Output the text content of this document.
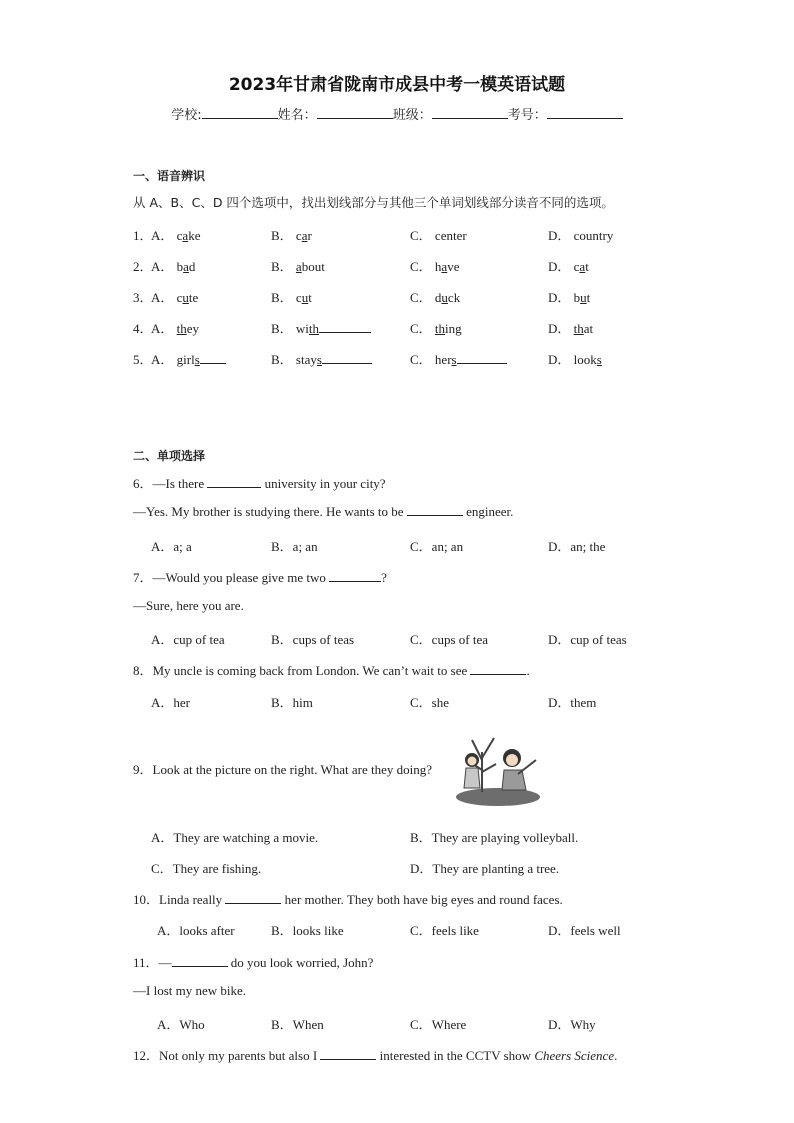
2023年甘肃省陇南市成县中考一模英语试题
学校:	姓名：	班级：	考号：
一、语音辨识
从 A、B、C、D 四个选项中，找出划线部分与其他三个单词划线部分读音不同的选项。
1．
A． cake	B． car	C． center	D． country
2．
A． bad	B． about	C． have	D． cat
3．
A． cute	B． cut	C． duck	D． but
4．
A． they	B． with	C． thing	D． that
5．
A． girls	B． stays	C． hers	D． looks
二、单项选择
6．—Is there	university in your city?
—Yes. My brother is studying there. He wants to be	engineer.
A．a; a	B．a; an	C．an; an	D．an; the
7．—Would you please give me two	?
—Sure, here you are.
A．cup of tea	B．cups of teas	C．cups of tea	D．cup of teas
8．My uncle is coming back from London. We can’t wait to see	.
A．her	B．him	C．she	D．them
9．Look at the picture on the right. What are they doing?
A．They are watching a movie.	B．They are playing volleyball.
C．They are fishing.	D．They are planting a tree.
10．Linda really	her mother. They both have big eyes and round faces.
A．looks after	B．looks like	C．feels like	D．feels well
11．—	do you look worried, John?
—I lost my new bike.
A．Who	B．When	C．Where	D．Why
12．Not only my parents but also I	interested in the CCTV show Cheers Science.
